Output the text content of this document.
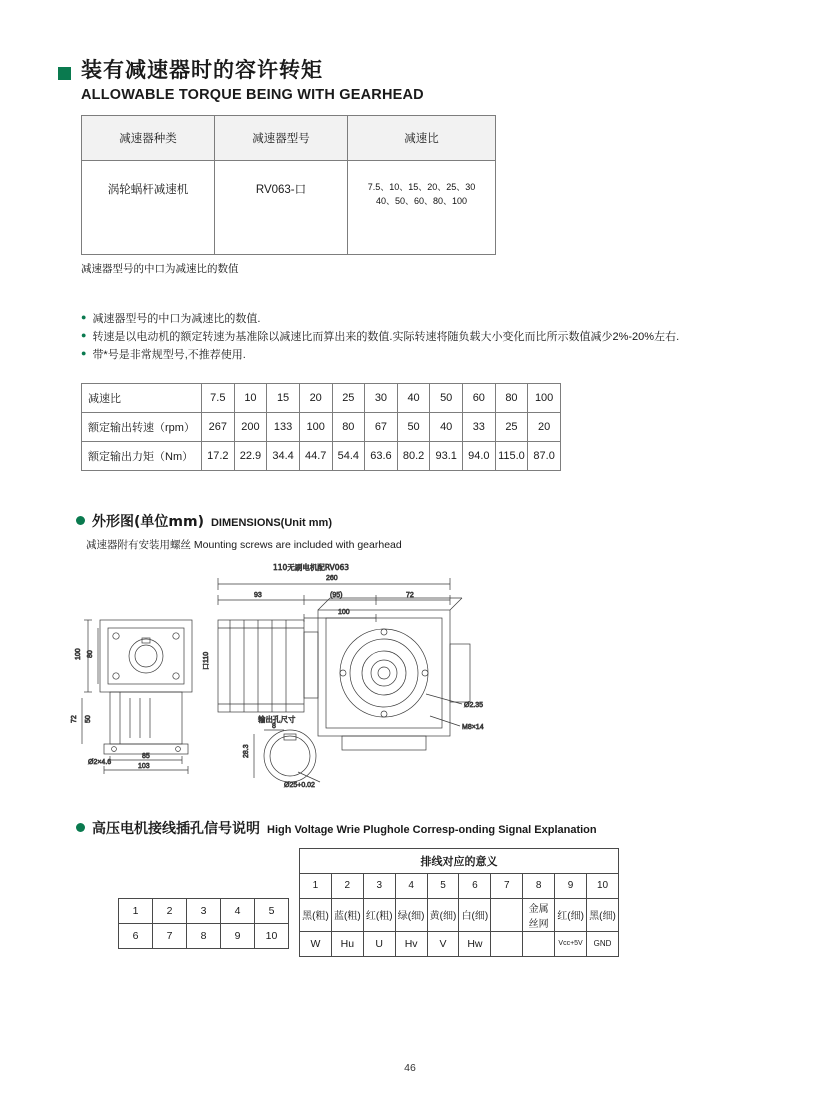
装有减速器时的容许转矩
ALLOWABLE TORQUE BEING WITH GEARHEAD
减速器种类	减速器型号	减速比
涡轮蜗杆减速机	RV063-口	7.5、10、15、20、25、30
40、50、60、80、100
减速器型号的中口为减速比的数值
● 减速器型号的中口为减速比的数值.
● 转速是以电动机的额定转速为基准除以减速比而算出来的数值.实际转速将随负载大小变化而比所示数值减少2%-20%左右.
● 带*号是非常规型号,不推荐使用.
减速比	7.5	10	15	20	25	30	40	50	60	80	100
额定输出转速（rpm）	267	200	133	100	80	67	50	40	33	25	20
额定输出力矩（Nm）	17.2	22.9	34.4	44.7	54.4	63.6	80.2	93.1	94.0	115.0	87.0
外形图(单位mm) DIMENSIONS(Unit mm)
减速器附有安装用螺丝 Mounting screws are included with gearhead
110无刷电机配RV063
260
93	(95)	72
100
100 80
72 50
85
103
Ø2×4.6
口110
Ø2.35
M8×14
输出孔尺寸
8
28.3
Ø25+0.02
高压电机接线插孔信号说明 High Voltage Wrie Plughole Corresp-onding Signal Explanation
1	2	3	4	5
6	7	8	9	10
排线对应的意义									
1	2	3	4	5	6	7	8	9	10
黑(粗)	蓝(粗)	红(粗)	绿(细)	黄(细)	白(细)		金属丝网	红(细)	黑(细)
W	Hu	U	Hv	V	Hw			Vcc+5V	GND
46
